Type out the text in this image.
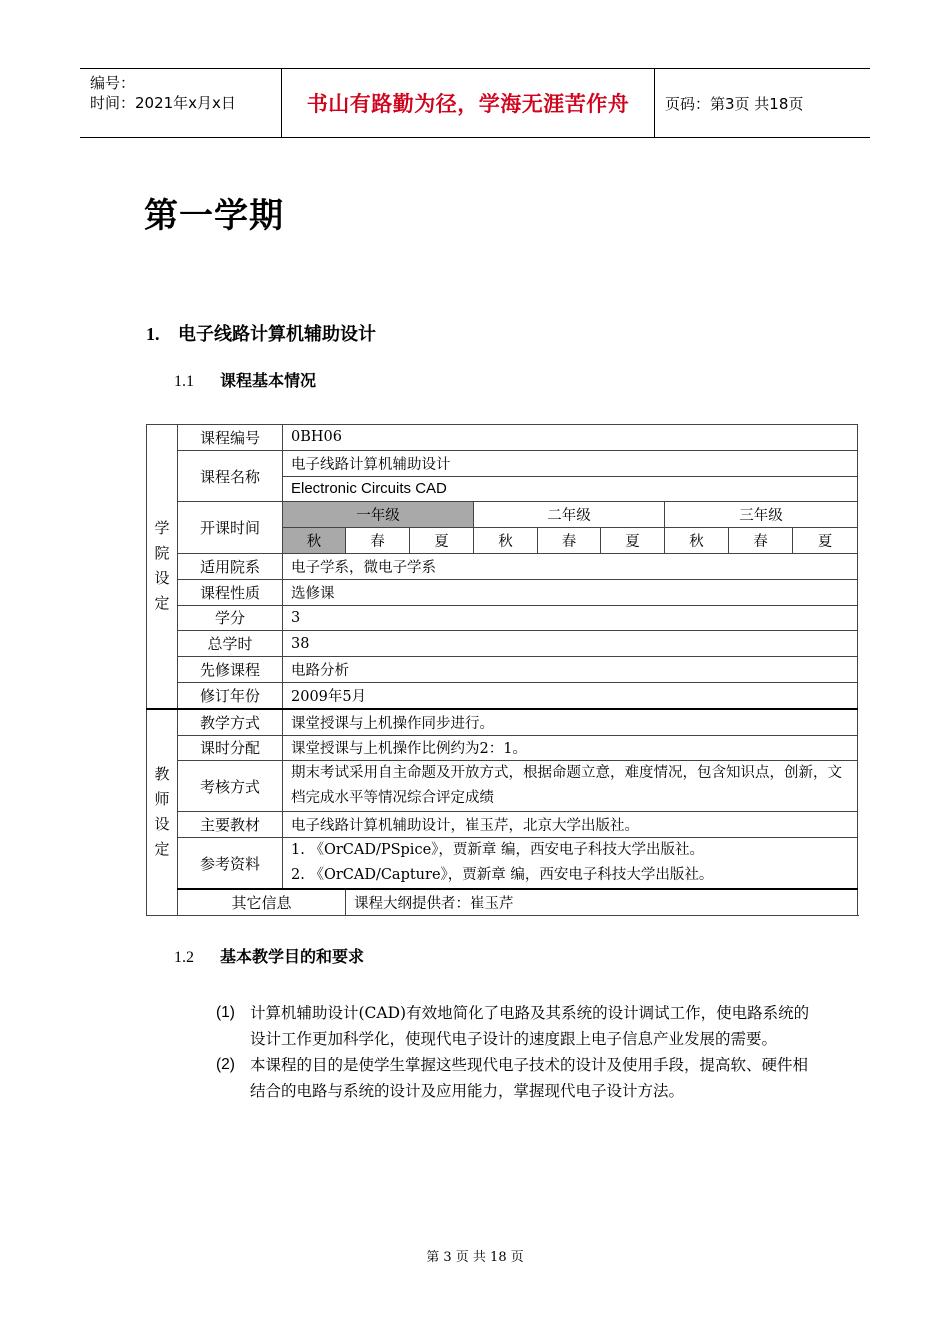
编号：
时间：2021年x月x日	书山有路勤为径，学海无涯苦作舟	页码：第3页 共18页
第一学期
1. 电子线路计算机辅助设计
1.1 课程基本情况
学院设定	课程编号	0BH06								
	课程名称	电子线路计算机辅助设计								
		Electronic Circuits CAD								
	开课时间	一年级			二年级			三年级		
		秋	春	夏	秋	春	夏	秋	春	夏
	适用院系	电子学系，微电子学系								
	课程性质	选修课								
	学分	3								
	总学时	38								
	先修课程	电路分析								
	修订年份	2009年5月								
教师设定	教学方式	课堂授课与上机操作同步进行。								
	课时分配	课堂授课与上机操作比例约为2：1。								
	考核方式	期末考试采用自主命题及开放方式，根据命题立意，难度情况，包含知识点，创新，文档完成水平等情况综合评定成绩								
	主要教材	电子线路计算机辅助设计，崔玉芹，北京大学出版社。								
	参考资料	1. 《OrCAD/PSpice》，贾新章 编，西安电子科技大学出版社。
2. 《OrCAD/Capture》，贾新章 编，西安电子科技大学出版社。								

	其它信息		课程大纲提供者：崔玉芹							
1.2 基本教学目的和要求
(1) 计算机辅助设计(CAD)有效地简化了电路及其系统的设计调试工作，使电路系统的设计工作更加科学化，使现代电子设计的速度跟上电子信息产业发展的需要。
(2) 本课程的目的是使学生掌握这些现代电子技术的设计及使用手段，提高软、硬件相结合的电路与系统的设计及应用能力，掌握现代电子设计方法。
第 3 页 共 18 页
